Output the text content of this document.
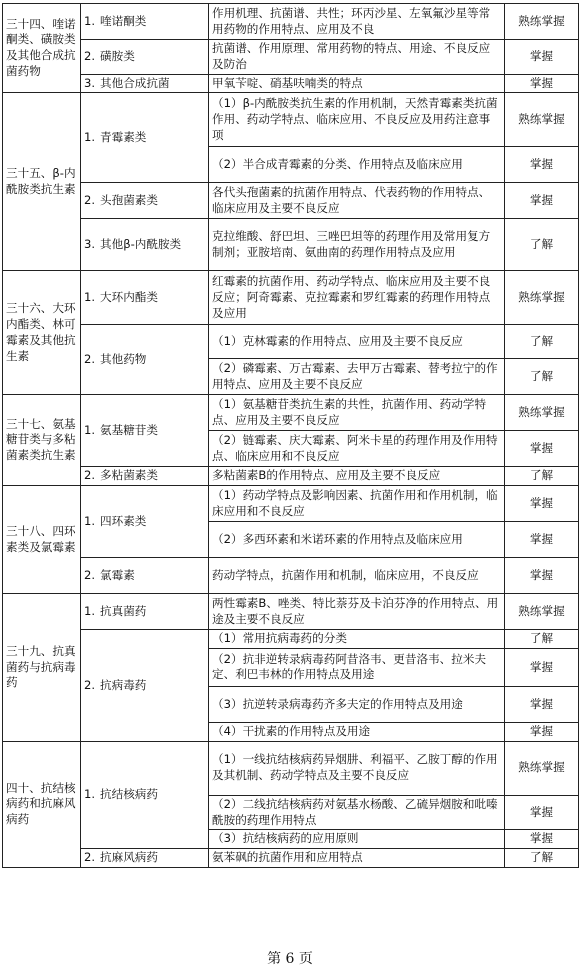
三十四、喹诺酮类、磺胺类及其他合成抗菌药物	1. 喹诺酮类	作用机理、抗菌谱、共性；环丙沙星、左氧氟沙星等常用药物的作用特点、应用及不良	熟练掌握
	2. 磺胺类	抗菌谱、作用原理、常用药物的特点、用途、不良反应及防治	掌握
	3. 其他合成抗菌	甲氧苄啶、硝基呋喃类的特点	掌握
三十五、β-内酰胺类抗生素	1. 青霉素类	（1）β-内酰胺类抗生素的作用机制，天然青霉素类抗菌作用、药动学特点、临床应用、不良反应及用药注意事项	熟练掌握
		（2）半合成青霉素的分类、作用特点及临床应用	掌握
	2. 头孢菌素类	各代头孢菌素的抗菌作用特点、代表药物的作用特点、临床应用及主要不良反应	掌握
	3. 其他β-内酰胺类	克拉维酸、舒巴坦、三唑巴坦等的药理作用及常用复方制剂；亚胺培南、氨曲南的药理作用特点及应用	了解
三十六、大环内酯类、林可霉素及其他抗生素	1. 大环内酯类	红霉素的抗菌作用、药动学特点、临床应用及主要不良反应；阿奇霉素、克拉霉素和罗红霉素的药理作用特点及应用	熟练掌握
	2. 其他药物	（1）克林霉素的作用特点、应用及主要不良反应	了解
		（2）磷霉素、万古霉素、去甲万古霉素、替考拉宁的作用特点、应用及主要不良反应	了解
三十七、氨基糖苷类与多粘菌素类抗生素	1. 氨基糖苷类	（1）氨基糖苷类抗生素的共性，抗菌作用、药动学特点、应用及主要不良反应	熟练掌握
		（2）链霉素、庆大霉素、阿米卡星的药理作用及作用特点、临床应用和不良反应	掌握
	2. 多粘菌素类	多粘菌素B的作用特点、应用及主要不良反应	了解
三十八、四环素类及氯霉素	1. 四环素类	（1）药动学特点及影响因素、抗菌作用和作用机制，临床应用和不良反应	掌握
		（2）多西环素和米诺环素的作用特点及临床应用	掌握
	2. 氯霉素	药动学特点，抗菌作用和机制，临床应用，不良反应	掌握
三十九、抗真菌药与抗病毒药	1. 抗真菌药	两性霉素B、唑类、特比萘芬及卡泊芬净的作用特点、用途及主要不良反应	熟练掌握
	2. 抗病毒药	（1）常用抗病毒药的分类	了解
		（2）抗非逆转录病毒药阿昔洛韦、更昔洛韦、拉米夫定、利巴韦林的作用特点及用途	掌握
		（3）抗逆转录病毒药齐多夫定的作用特点及用途	掌握
		（4）干扰素的作用特点及用途	掌握
四十、抗结核病药和抗麻风病药	1. 抗结核病药	（1）一线抗结核病药异烟肼、利福平、乙胺丁醇的作用及其机制、药动学特点及主要不良反应	熟练掌握
		（2）二线抗结核病药对氨基水杨酸、乙硫异烟胺和吡嗪酰胺的药理作用特点	掌握
		（3）抗结核病药的应用原则	掌握
	2. 抗麻风病药	氨苯砜的抗菌作用和应用特点	了解
第 6 页
